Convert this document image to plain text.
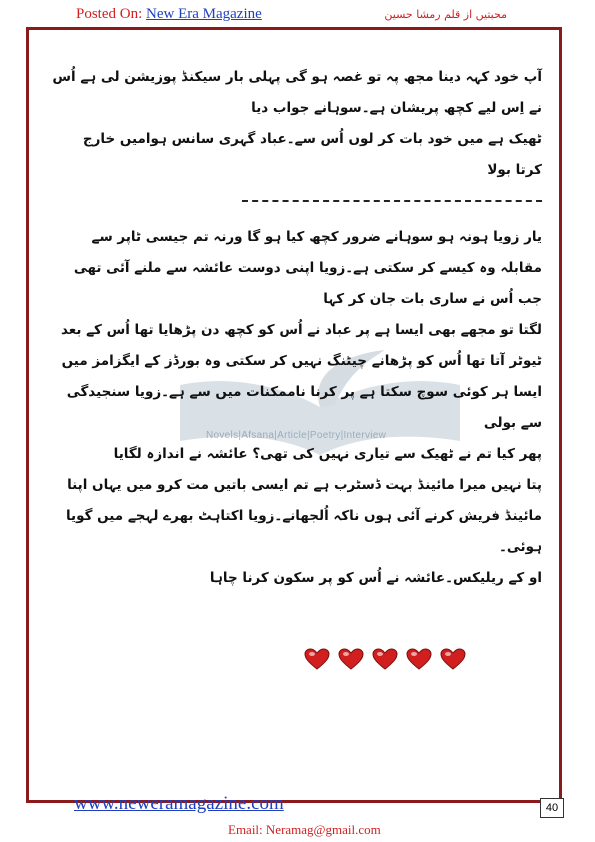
Posted On: New Era Magazine	محبتیں از قلم رمشا حسین
Novels|Afsana|Article|Poetry|Interview

آپ خود کہہ دینا مجھ پہ تو غصہ ہو گی پہلی بار سیکنڈ پوزیشن لی ہے اُس نے اِس لیے کچھ پریشان ہے۔سوہانے جواب دیا

ٹھیک ہے میں خود بات کر لوں اُس سے۔عباد گہری سانس ہوامیں خارج کرتا بولا

یار زویا ہونہ ہو سوہانے ضرور کچھ کیا ہو گا ورنہ تم جیسی ٹاپر سے مقابلہ وہ کیسے کر سکتی ہے۔زویا اپنی دوست عائشہ سے ملنے آئی تھی جب اُس نے ساری بات جان کر کہا

لگتا تو مجھے بھی ایسا ہے پر عباد نے اُس کو کچھ دن پڑھایا تھا اُس کے بعد ٹیوٹر آتا تھا اُس کو پڑھانے چیٹنگ نہیں کر سکتی وہ بورڈز کے ایگزامز میں ایسا ہر کوئی سوچ سکتا ہے پر کرنا ناممکنات میں سے ہے۔زویا سنجیدگی سے بولی

پھر کیا تم نے ٹھیک سے تیاری نہیں کی تھی؟ عائشہ نے اندازہ لگایا

پتا نہیں میرا مائینڈ بہت ڈسٹرب ہے تم ایسی باتیں مت کرو میں یہاں اپنا مائینڈ فریش کرنے آئی ہوں ناکہ اُلجھانے۔زویا اکتاہٹ بھرے لہجے میں گویا ہوئی۔

او کے ریلیکس۔عائشہ نے اُس کو پر سکون کرنا چاہا

www.neweramagazine.com	40
Email: Neramag@gmail.com
